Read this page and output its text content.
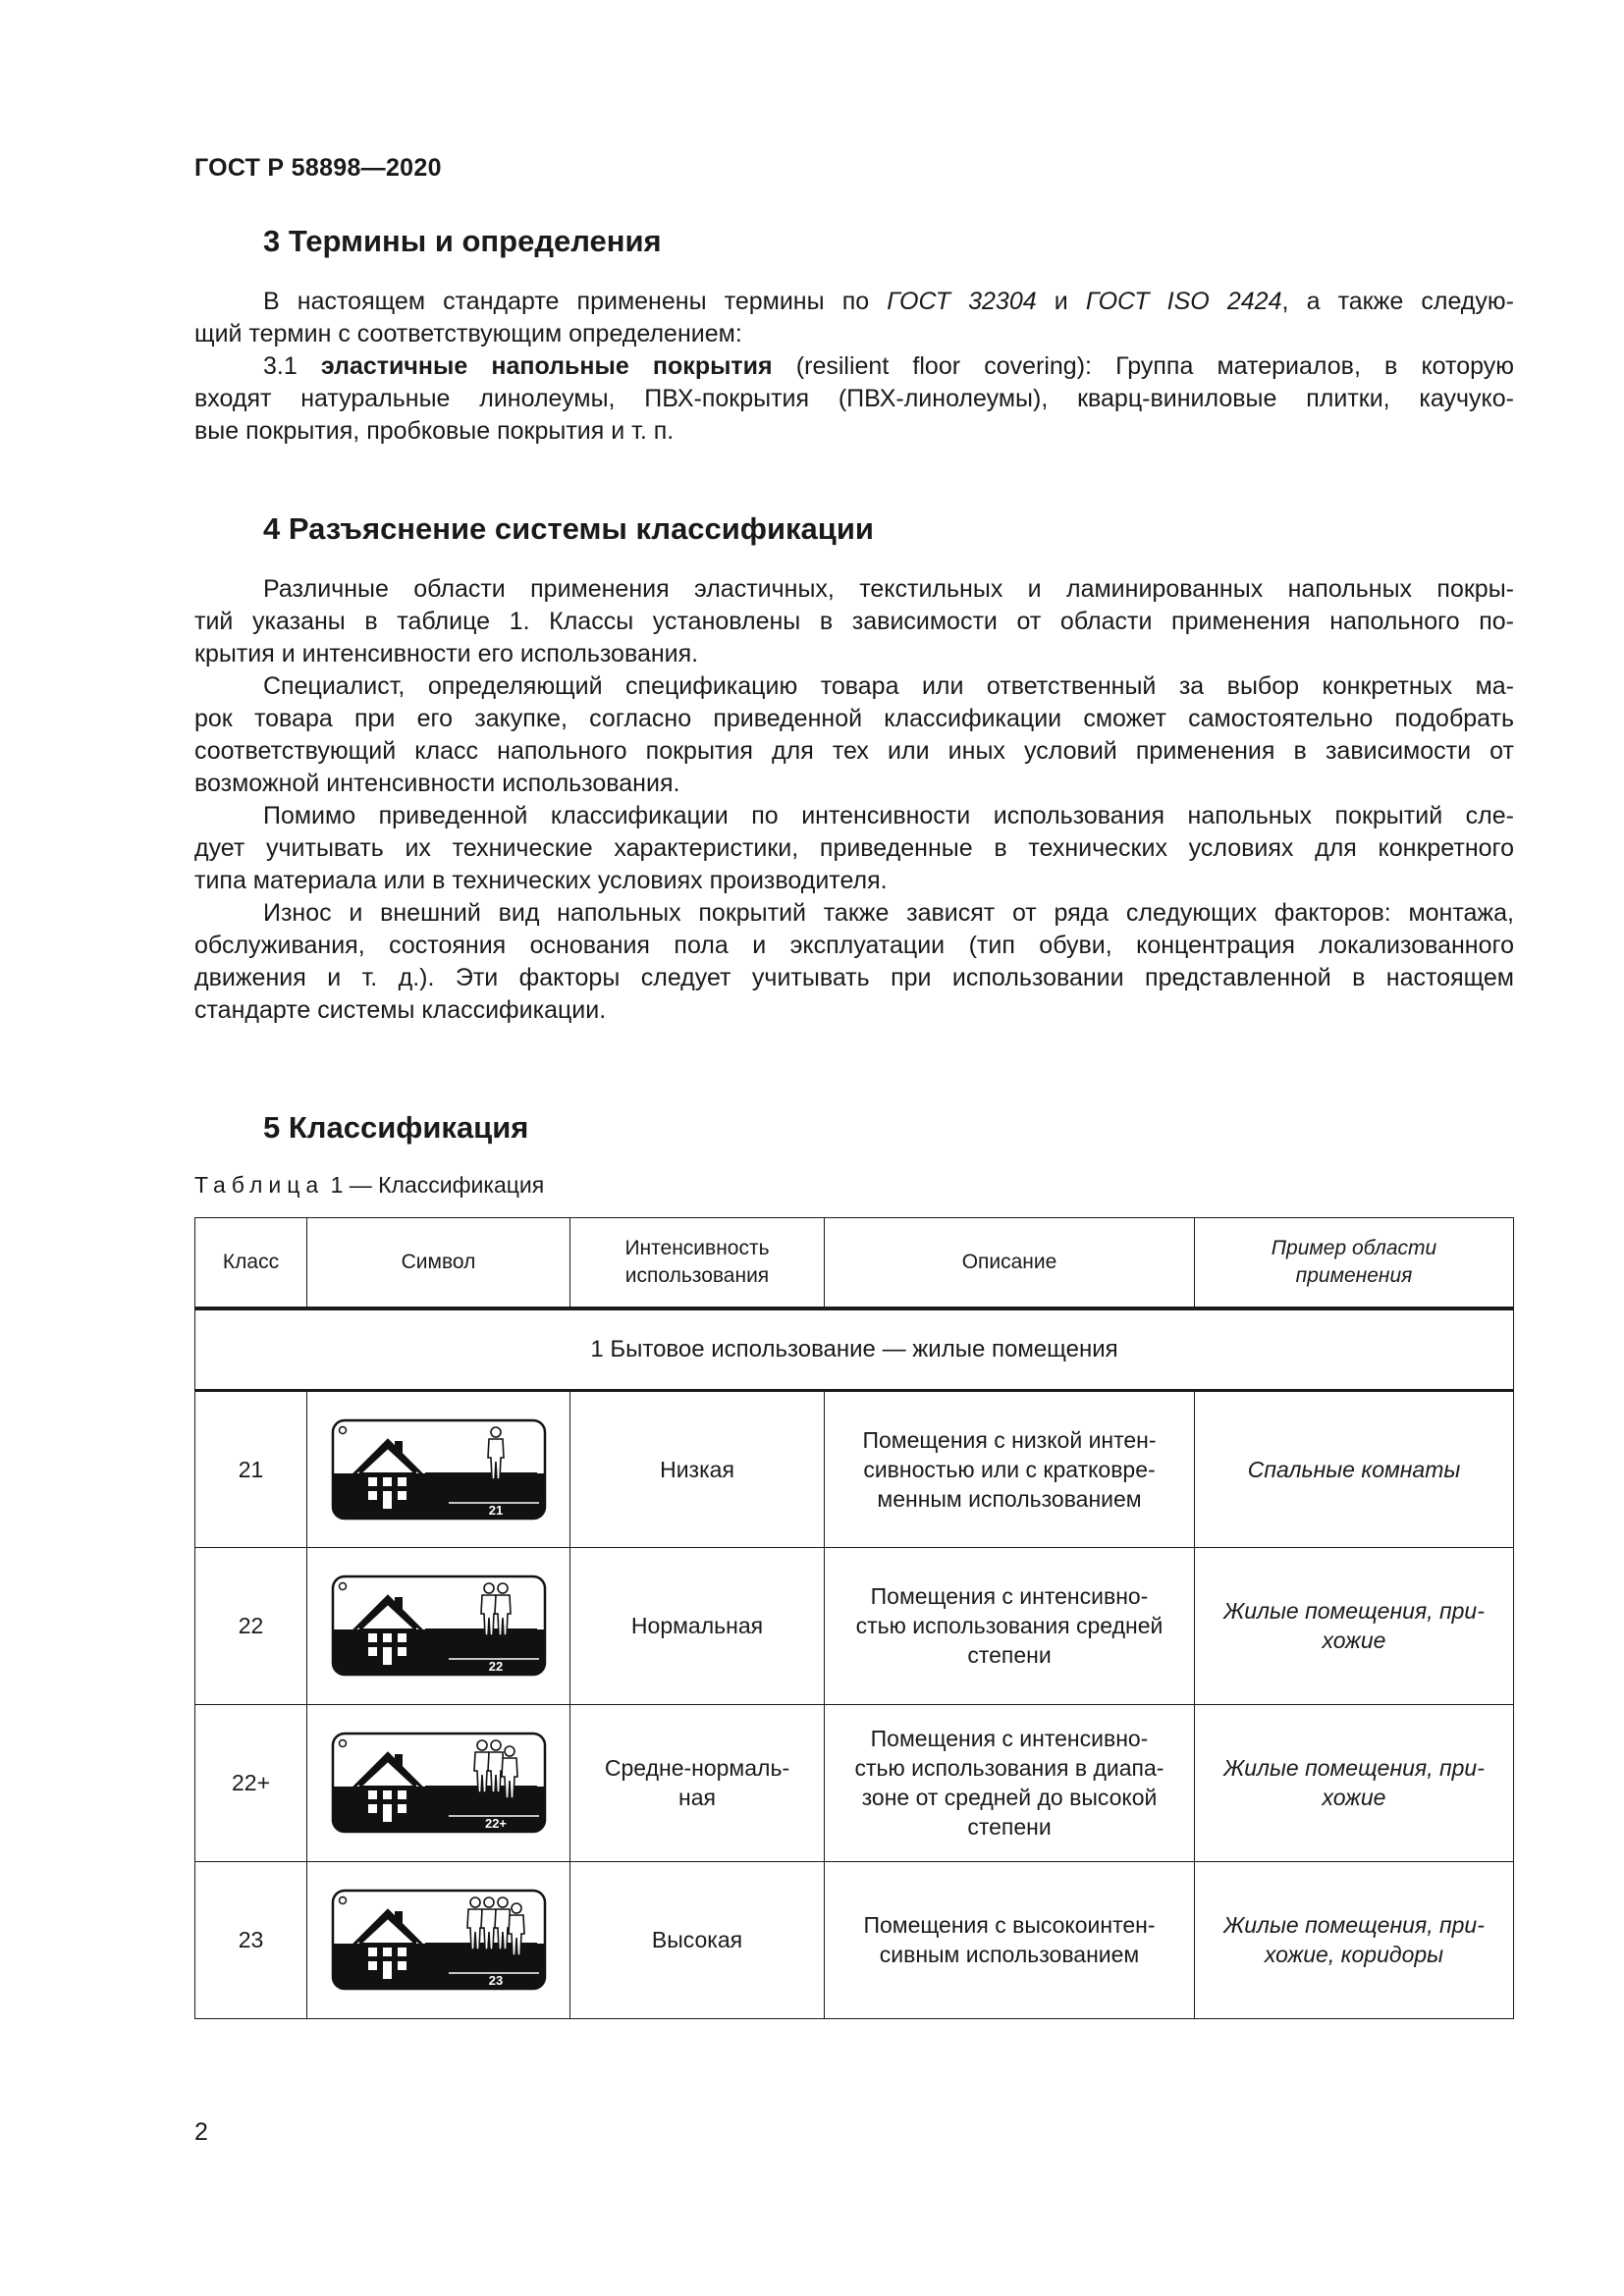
ГОСТ Р 58898—2020
3 Термины и определения
В настоящем стандарте применены термины по ГОСТ 32304 и ГОСТ ISO 2424, а также следую-
щий термин с соответствующим определением:
3.1 эластичные напольные покрытия (resilient floor covering): Группа материалов, в которую
входят натуральные линолеумы, ПВХ-покрытия (ПВХ-линолеумы), кварц-виниловые плитки, каучуко-
вые покрытия, пробковые покрытия и т. п.
4 Разъяснение системы классификации
Различные области применения эластичных, текстильных и ламинированных напольных покры-
тий указаны в таблице 1. Классы установлены в зависимости от области применения напольного по-
крытия и интенсивности его использования.
Специалист, определяющий спецификацию товара или ответственный за выбор конкретных ма-
рок товара при его закупке, согласно приведенной классификации сможет самостоятельно подобрать
соответствующий класс напольного покрытия для тех или иных условий применения в зависимости от
возможной интенсивности использования.
Помимо приведенной классификации по интенсивности использования напольных покрытий сле-
дует учитывать их технические характеристики, приведенные в технических условиях для конкретного
типа материала или в технических условиях производителя.
Износ и внешний вид напольных покрытий также зависят от ряда следующих факторов: монтажа,
обслуживания, состояния основания пола и эксплуатации (тип обуви, концентрация локализованного
движения и т. д.). Эти факторы следует учитывать при использовании представленной в настоящем
стандарте системы классификации.
5 Классификация
Таблица 1 — Классификация
Класс	Символ	Интенсивность
использования	Описание	Пример области
применения
1 Бытовое использование — жилые помещения				
21	21	Низкая	Помещения с низкой интен-
сивностью или с кратковре-
менным использованием	Спальные комнаты
22	22	Нормальная	Помещения с интенсивно-
стью использования средней
степени	Жилые помещения, при-
хожие
22+	22+	Средне-нормаль-
ная	Помещения с интенсивно-
стью использования в диапа-
зоне от средней до высокой
степени	Жилые помещения, при-
хожие
23	23	Высокая	Помещения с высокоинтен-
сивным использованием	Жилые помещения, при-
хожие, коридоры
2
